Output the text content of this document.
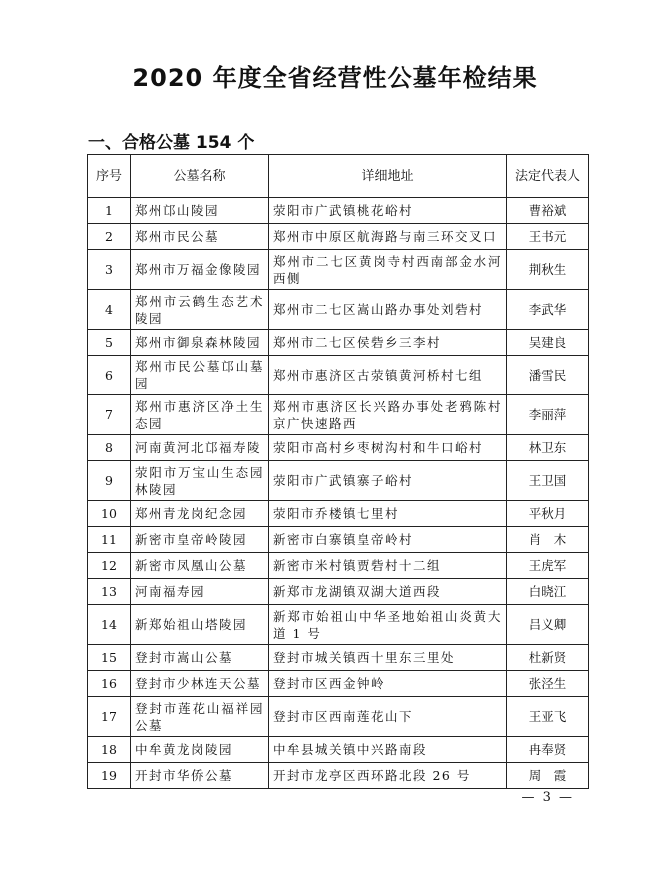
2020 年度全省经营性公墓年检结果
一、合格公墓 154 个
序号	公墓名称	详细地址	法定代表人
1	郑州邙山陵园	荥阳市广武镇桃花峪村	曹裕斌
2	郑州市民公墓	郑州市中原区航海路与南三环交叉口	王书元
3	郑州市万福金像陵园	郑州市二七区黄岗寺村西南部金水河西侧	荆秋生
4	郑州市云鹤生态艺术陵园	郑州市二七区嵩山路办事处刘砦村	李武华
5	郑州市御泉森林陵园	郑州市二七区侯砦乡三李村	吴建良
6	郑州市民公墓邙山墓园	郑州市惠济区古荥镇黄河桥村七组	潘雪民
7	郑州市惠济区净土生态园	郑州市惠济区长兴路办事处老鸦陈村京广快速路西	李丽萍
8	河南黄河北邙福寿陵	荥阳市高村乡枣树沟村和牛口峪村	林卫东
9	荥阳市万宝山生态园林陵园	荥阳市广武镇寨子峪村	王卫国
10	郑州青龙岗纪念园	荥阳市乔楼镇七里村	平秋月
11	新密市皇帝岭陵园	新密市白寨镇皇帝岭村	肖　木
12	新密市凤凰山公墓	新密市米村镇贾砦村十二组	王虎军
13	河南福寿园	新郑市龙湖镇双湖大道西段	白晓江
14	新郑始祖山塔陵园	新郑市始祖山中华圣地始祖山炎黄大道 1 号	吕义卿
15	登封市嵩山公墓	登封市城关镇西十里东三里处	杜新贤
16	登封市少林连天公墓	登封市区西金钟岭	张泾生
17	登封市莲花山福祥园公墓	登封市区西南莲花山下	王亚飞
18	中牟黄龙岗陵园	中牟县城关镇中兴路南段	冉奉贤
19	开封市华侨公墓	开封市龙亭区西环路北段 26 号	周　霞
— 3 —
